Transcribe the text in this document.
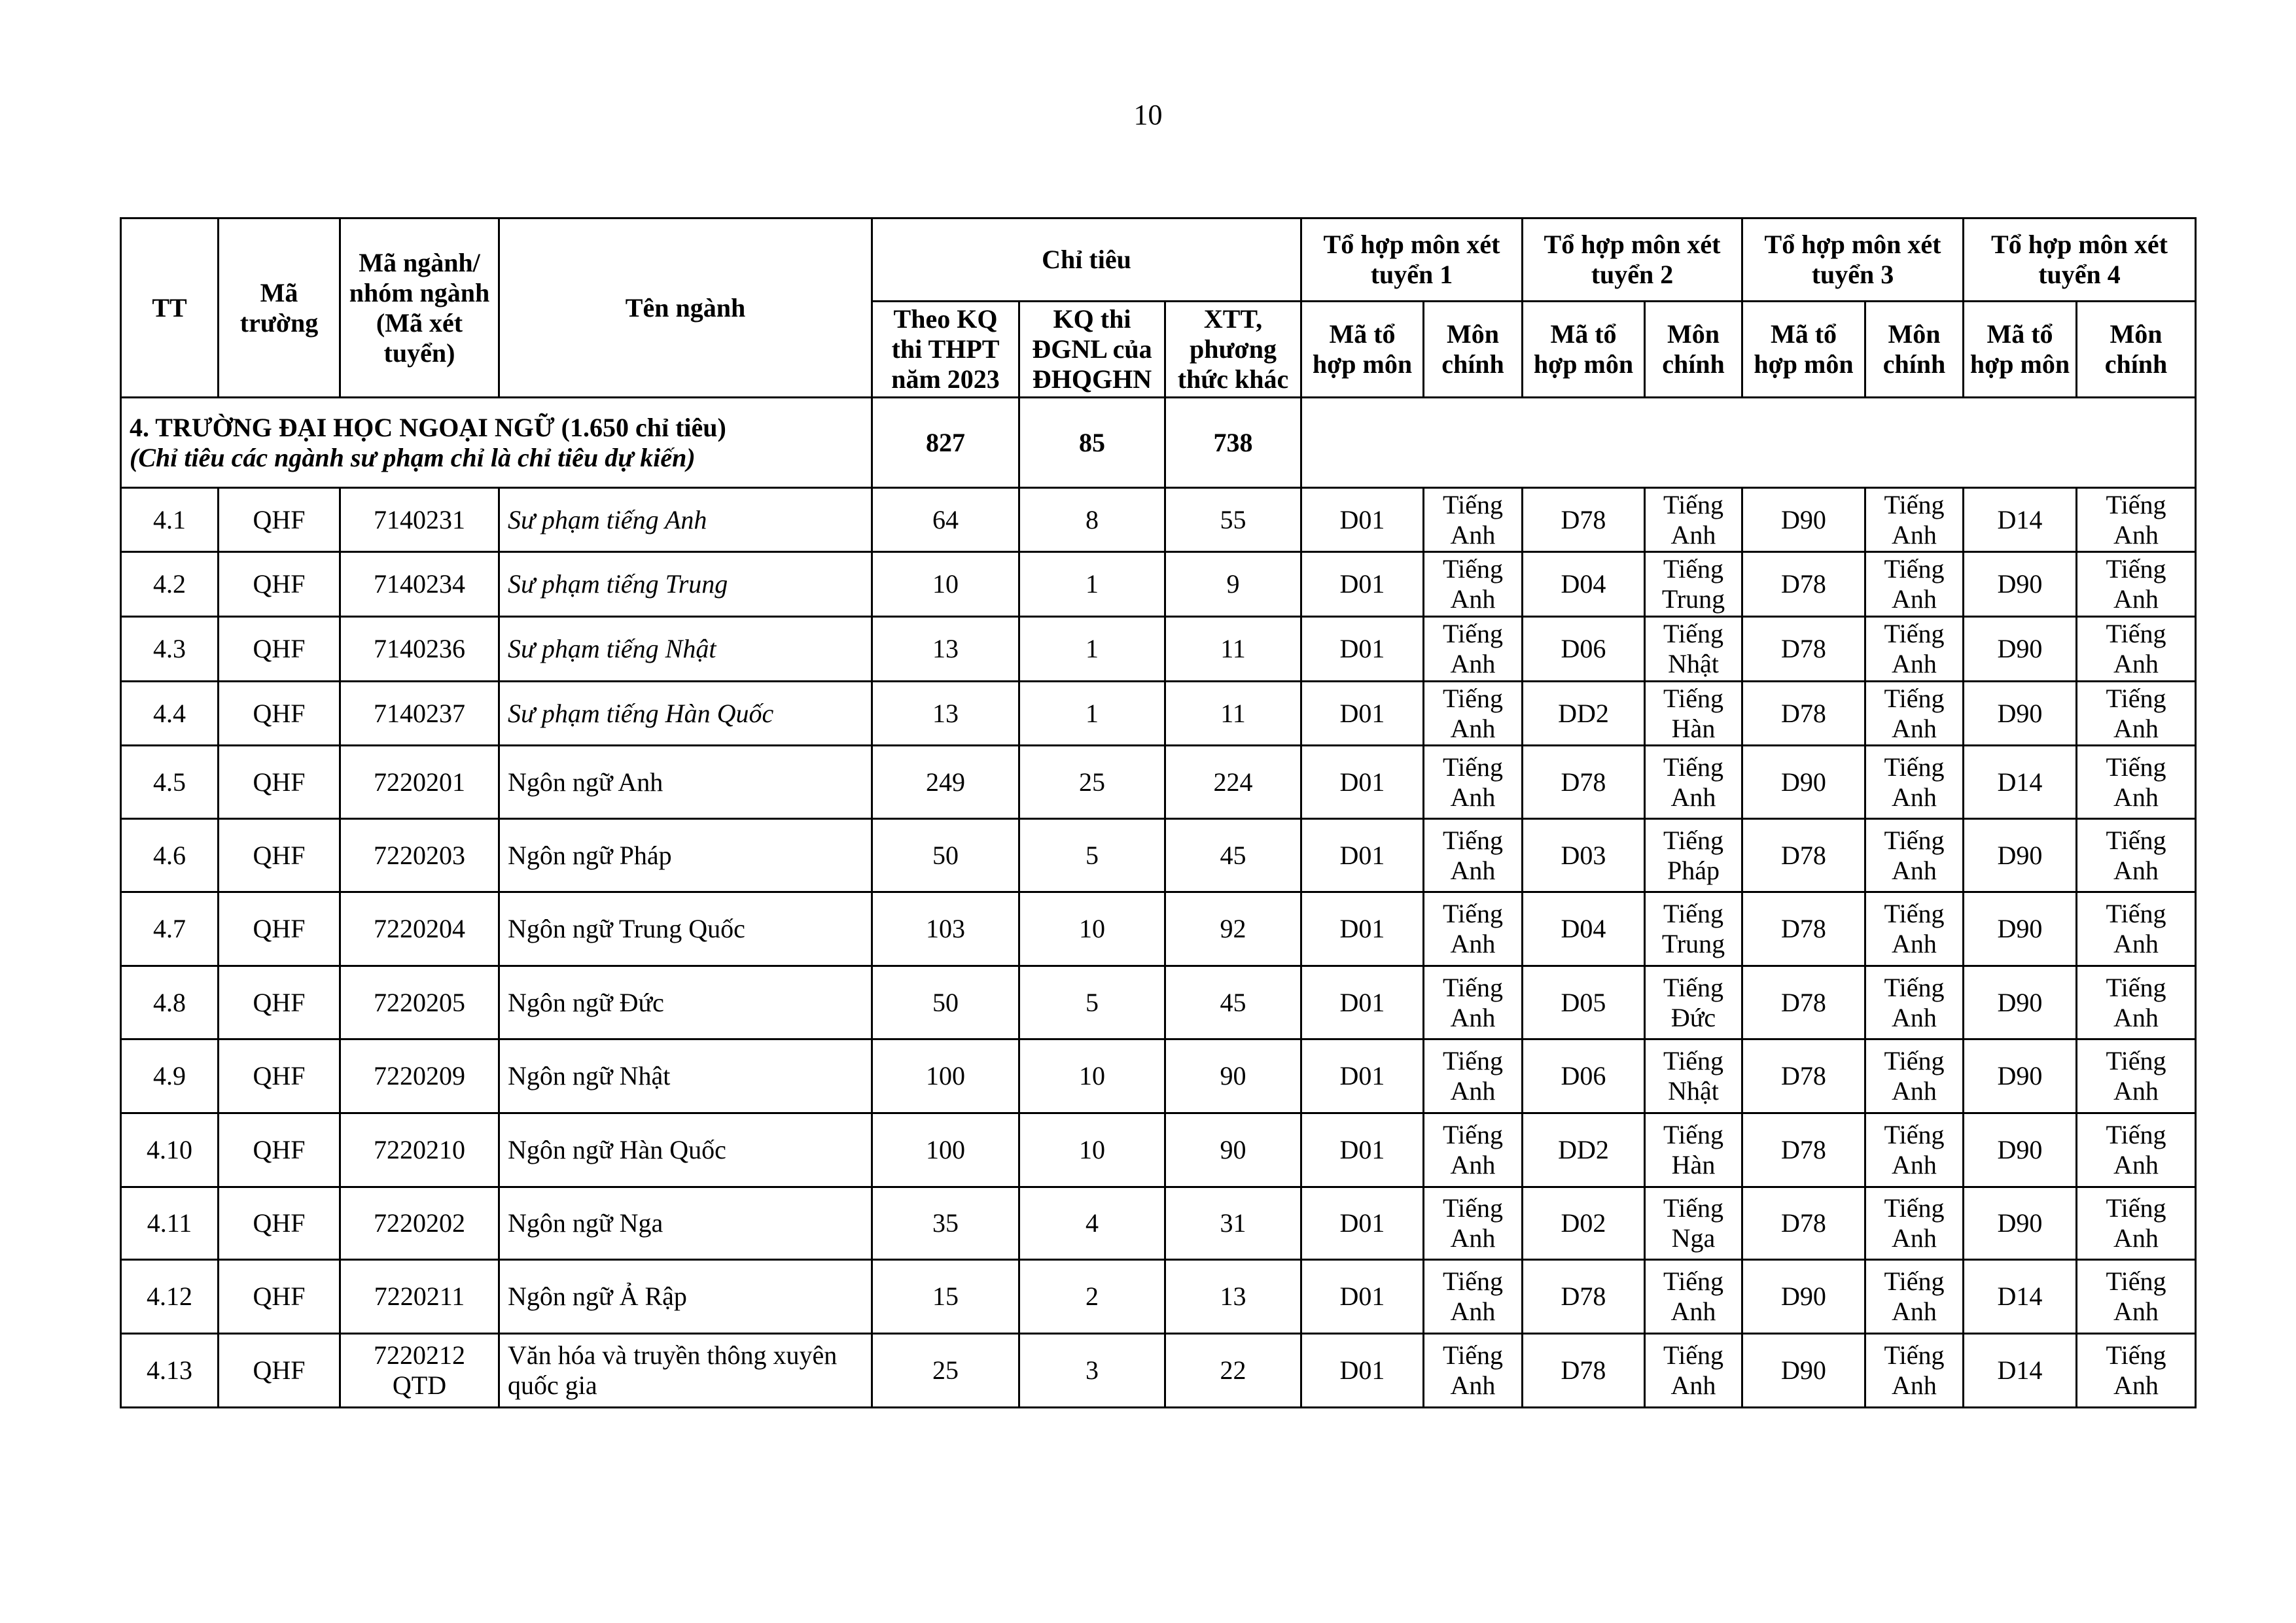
10
TT	Mã trường	Mã ngành/ nhóm ngành (Mã xét tuyển)	Tên ngành	Chỉ tiêu			Tổ hợp môn xét tuyển 1		Tổ hợp môn xét tuyển 2		Tổ hợp môn xét tuyển 3		Tổ hợp môn xét tuyển 4	
				Theo KQ thi THPT năm 2023	KQ thi ĐGNL của ĐHQGHN	XTT, phương thức khác	Mã tổ hợp môn	Môn chính	Mã tổ hợp môn	Môn chính	Mã tổ hợp môn	Môn chính	Mã tổ hợp môn	Môn chính

4. TRƯỜNG ĐẠI HỌC NGOẠI NGỮ (1.650 chỉ tiêu)
(Chỉ tiêu các ngành sư phạm chỉ là chỉ tiêu dự kiến)				827	85	738								
4.1	QHF	7140231	Sư phạm tiếng Anh	64	8	55	D01	Tiếng Anh	D78	Tiếng Anh	D90	Tiếng Anh	D14	Tiếng Anh
4.2	QHF	7140234	Sư phạm tiếng Trung	10	1	9	D01	Tiếng Anh	D04	Tiếng Trung	D78	Tiếng Anh	D90	Tiếng Anh
4.3	QHF	7140236	Sư phạm tiếng Nhật	13	1	11	D01	Tiếng Anh	D06	Tiếng Nhật	D78	Tiếng Anh	D90	Tiếng Anh
4.4	QHF	7140237	Sư phạm tiếng Hàn Quốc	13	1	11	D01	Tiếng Anh	DD2	Tiếng Hàn	D78	Tiếng Anh	D90	Tiếng Anh
4.5	QHF	7220201	Ngôn ngữ Anh	249	25	224	D01	Tiếng Anh	D78	Tiếng Anh	D90	Tiếng Anh	D14	Tiếng Anh
4.6	QHF	7220203	Ngôn ngữ Pháp	50	5	45	D01	Tiếng Anh	D03	Tiếng Pháp	D78	Tiếng Anh	D90	Tiếng Anh
4.7	QHF	7220204	Ngôn ngữ Trung Quốc	103	10	92	D01	Tiếng Anh	D04	Tiếng Trung	D78	Tiếng Anh	D90	Tiếng Anh
4.8	QHF	7220205	Ngôn ngữ Đức	50	5	45	D01	Tiếng Anh	D05	Tiếng Đức	D78	Tiếng Anh	D90	Tiếng Anh
4.9	QHF	7220209	Ngôn ngữ Nhật	100	10	90	D01	Tiếng Anh	D06	Tiếng Nhật	D78	Tiếng Anh	D90	Tiếng Anh
4.10	QHF	7220210	Ngôn ngữ Hàn Quốc	100	10	90	D01	Tiếng Anh	DD2	Tiếng Hàn	D78	Tiếng Anh	D90	Tiếng Anh
4.11	QHF	7220202	Ngôn ngữ Nga	35	4	31	D01	Tiếng Anh	D02	Tiếng Nga	D78	Tiếng Anh	D90	Tiếng Anh
4.12	QHF	7220211	Ngôn ngữ Ả Rập	15	2	13	D01	Tiếng Anh	D78	Tiếng Anh	D90	Tiếng Anh	D14	Tiếng Anh
4.13	QHF	7220212 QTD	Văn hóa và truyền thông xuyên quốc gia	25	3	22	D01	Tiếng Anh	D78	Tiếng Anh	D90	Tiếng Anh	D14	Tiếng Anh
